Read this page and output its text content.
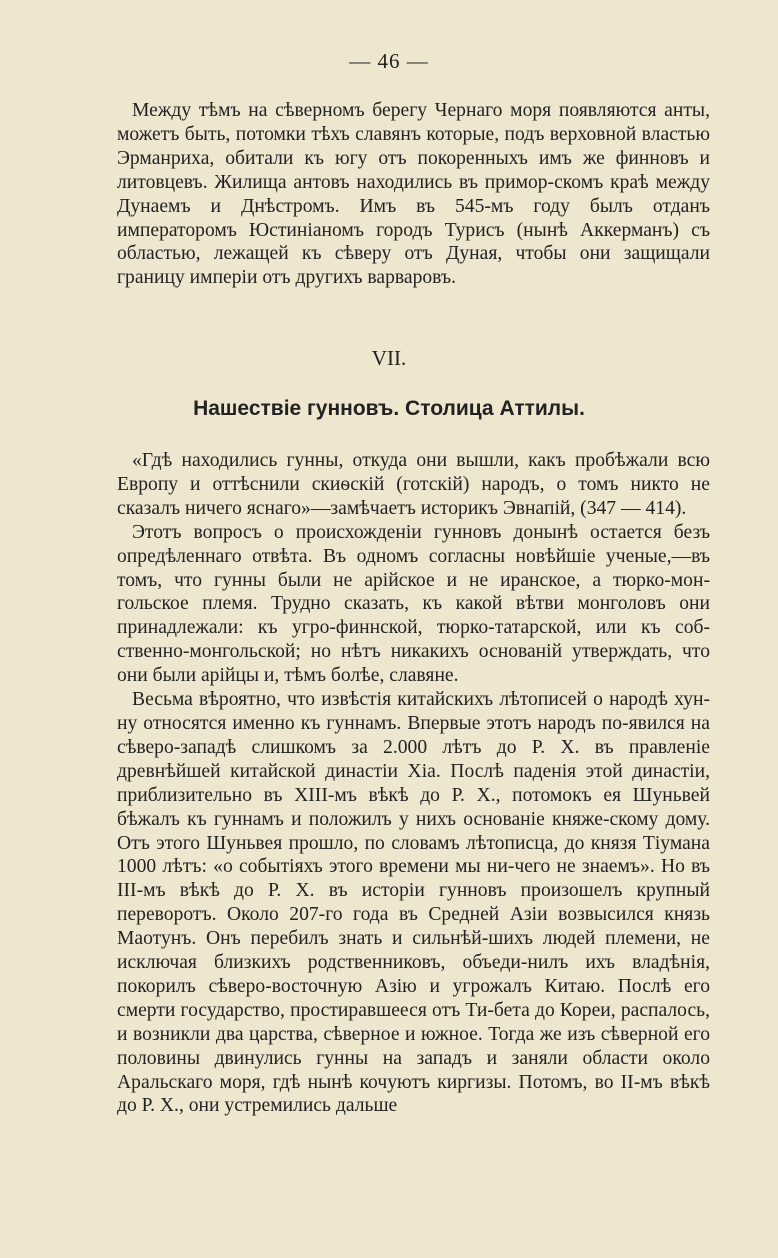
— 46 —

Между тѣмъ на сѣверномъ берегу Чернаго моря появляются анты, можетъ быть, потомки тѣхъ славянъ которые, подъ верховной властью Эрманриха, обитали къ югу отъ покоренныхъ имъ же финновъ и литовцевъ. Жилища антовъ находились въ примор-скомъ краѣ между Дунаемъ и Днѣстромъ. Имъ въ 545-мъ году былъ отданъ императоромъ Юстиніаномъ городъ Турисъ (нынѣ Аккерманъ) съ областью, лежащей къ сѣверу отъ Дуная, чтобы они защищали границу имперіи отъ другихъ варваровъ.

VII.
Нашествіе гунновъ. Столица Аттилы.

«Гдѣ находились гунны, откуда они вышли, какъ пробѣжали всю Европу и оттѣснили скиѳскій (готскій) народъ, о томъ никто не сказалъ ничего яснаго»—замѣчаетъ историкъ Эвнапій, (347 — 414).

Этотъ вопросъ о происхожденіи гунновъ донынѣ остается безъ опредѣленнаго отвѣта. Въ одномъ согласны новѣйшіе ученые,—въ томъ, что гунны были не арійское и не иранское, а тюрко-мон-гольское племя. Трудно сказать, къ какой вѣтви монголовъ они принадлежали: къ угро-финнской, тюрко-татарской, или къ соб-ственно-монгольской; но нѣтъ никакихъ основаній утверждать, что они были арійцы и, тѣмъ болѣе, славяне.

Весьма вѣроятно, что извѣстія китайскихъ лѣтописей о народѣ хун-ну относятся именно къ гуннамъ. Впервые этотъ народъ по-явился на сѣверо-западѣ слишкомъ за 2.000 лѣтъ до Р. Х. въ правленіе древнѣйшей китайской династіи Хіа. Послѣ паденія этой династіи, приблизительно въ XIII-мъ вѣкѣ до Р. Х., потомокъ ея Шуньвей бѣжалъ къ гуннамъ и положилъ у нихъ основаніе княже-скому дому. Отъ этого Шуньвея прошло, по словамъ лѣтописца, до князя Тіумана 1000 лѣтъ: «о событіяхъ этого времени мы ни-чего не знаемъ». Но въ III-мъ вѣкѣ до Р. Х. въ исторіи гунновъ произошелъ крупный переворотъ. Около 207-го года въ Средней Азіи возвысился князь Маотунъ. Онъ перебилъ знать и сильнѣй-шихъ людей племени, не исключая близкихъ родственниковъ, объеди-нилъ ихъ владѣнія, покорилъ сѣверо-восточную Азію и угрожалъ Китаю. Послѣ его смерти государство, простиравшееся отъ Ти-бета до Кореи, распалось, и возникли два царства, сѣверное и южное. Тогда же изъ сѣверной его половины двинулись гунны на западъ и заняли области около Аральскаго моря, гдѣ нынѣ кочуютъ киргизы. Потомъ, во II-мъ вѣкѣ до Р. Х., они устремились дальше
